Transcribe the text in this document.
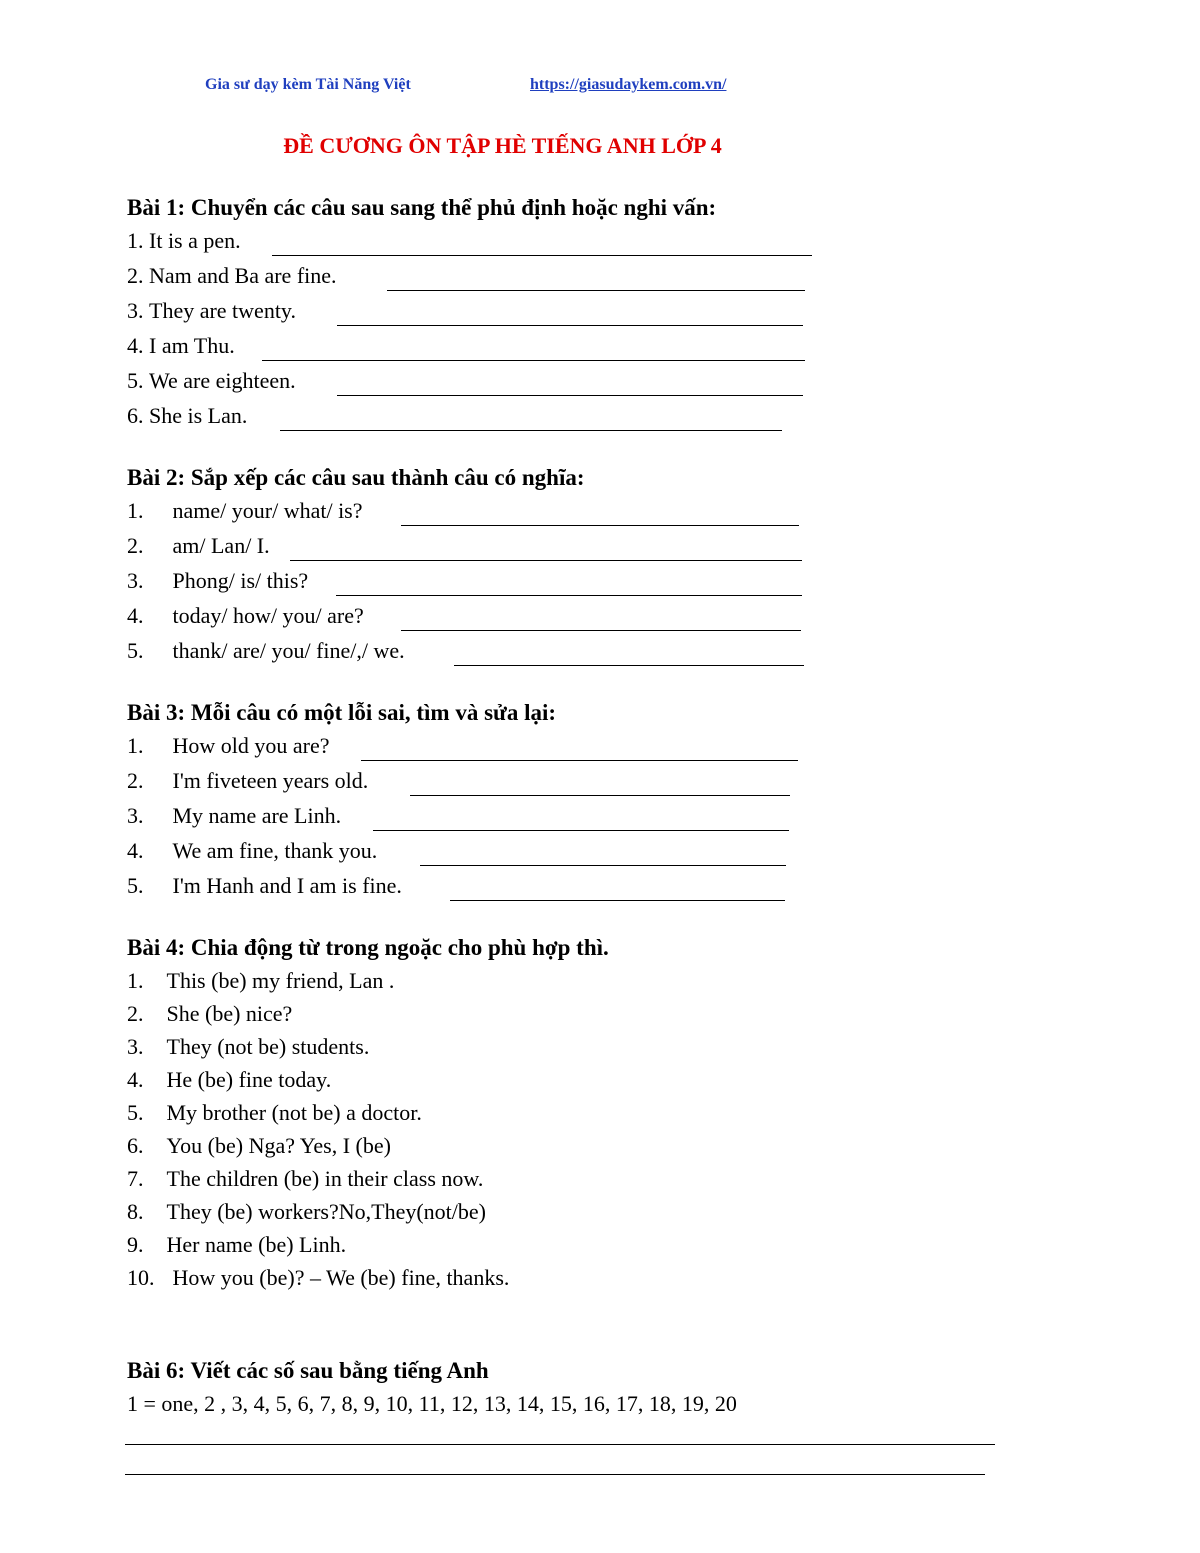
Gia sư dạy kèm Tài Năng Việt	https://giasudaykem.com.vn/
ĐỀ CƯƠNG ÔN TẬP HÈ TIẾNG ANH LỚP 4
Bài 1: Chuyển các câu sau sang thể phủ định hoặc nghi vấn:
1. It is a pen.
2. Nam and Ba are fine.
3. They are twenty.
4. I am Thu.
5. We are eighteen.
6. She is Lan.
Bài 2: Sắp xếp các câu sau thành câu có nghĩa:
1. name/ your/ what/ is?
2. am/ Lan/ I.
3. Phong/ is/ this?
4. today/ how/ you/ are?
5. thank/ are/ you/ fine/,/ we.
Bài 3: Mỗi câu có một lỗi sai, tìm và sửa lại:
1. How old you are?
2. I'm fiveteen years old.
3. My name are Linh.
4. We am fine, thank you.
5. I'm Hanh and I am is fine.
Bài 4: Chia động từ trong ngoặc cho phù hợp thì.
1. This (be) my friend, Lan .
2. She (be) nice?
3. They (not be) students.
4. He (be) fine today.
5. My brother (not be) a doctor.
6. You (be) Nga? Yes, I (be)
7. The children (be) in their class now.
8. They (be) workers?No,They(not/be)
9. Her name (be) Linh.
10. How you (be)? – We (be) fine, thanks.
Bài 6: Viết các số sau bằng tiếng Anh
1 = one, 2 , 3, 4, 5, 6, 7, 8, 9, 10, 11, 12, 13, 14, 15, 16, 17, 18, 19, 20
